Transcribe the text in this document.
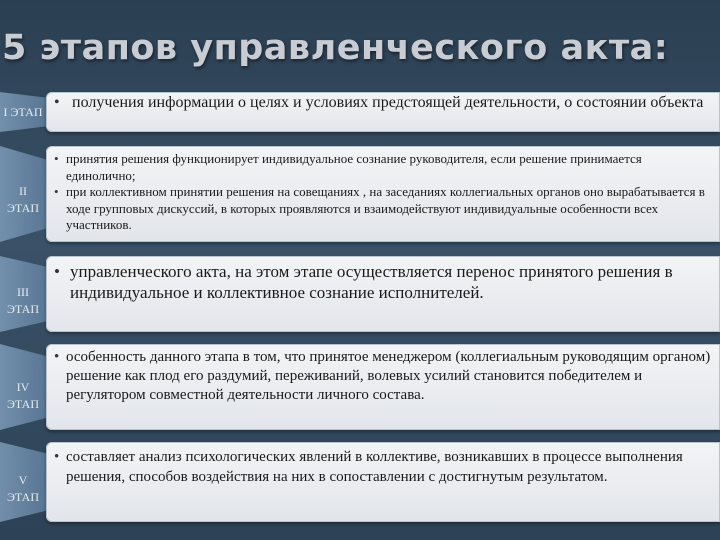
5 этапов управленческого акта:
I ЭТАП
• получения информации о целях и условиях предстоящей деятельности, о состоянии объекта
II
ЭТАП
• принятия решения функционирует индивидуальное сознание руководителя, если решение принимается единолично;
• при коллективном принятии решения на совещаниях , на заседаниях коллегиальных органов оно вырабатывается в ходе групповых дискуссий, в которых проявляются и взаимодействуют индивидуальные особенности всех участников.
III
ЭТАП
• управленческого акта, на этом этапе осуществляется перенос принятого решения в индивидуальное и коллективное сознание исполнителей.
IV
ЭТАП
• особенность данного этапа в том, что принятое менеджером (коллегиальным руководящим органом) решение как плод его раздумий, переживаний, волевых усилий становится победителем и регулятором совместной деятельности личного состава.
V
ЭТАП
• составляет анализ психологических явлений в коллективе, возникавших в процессе выполнения решения, способов воздействия на них в сопоставлении с достигнутым результатом.
